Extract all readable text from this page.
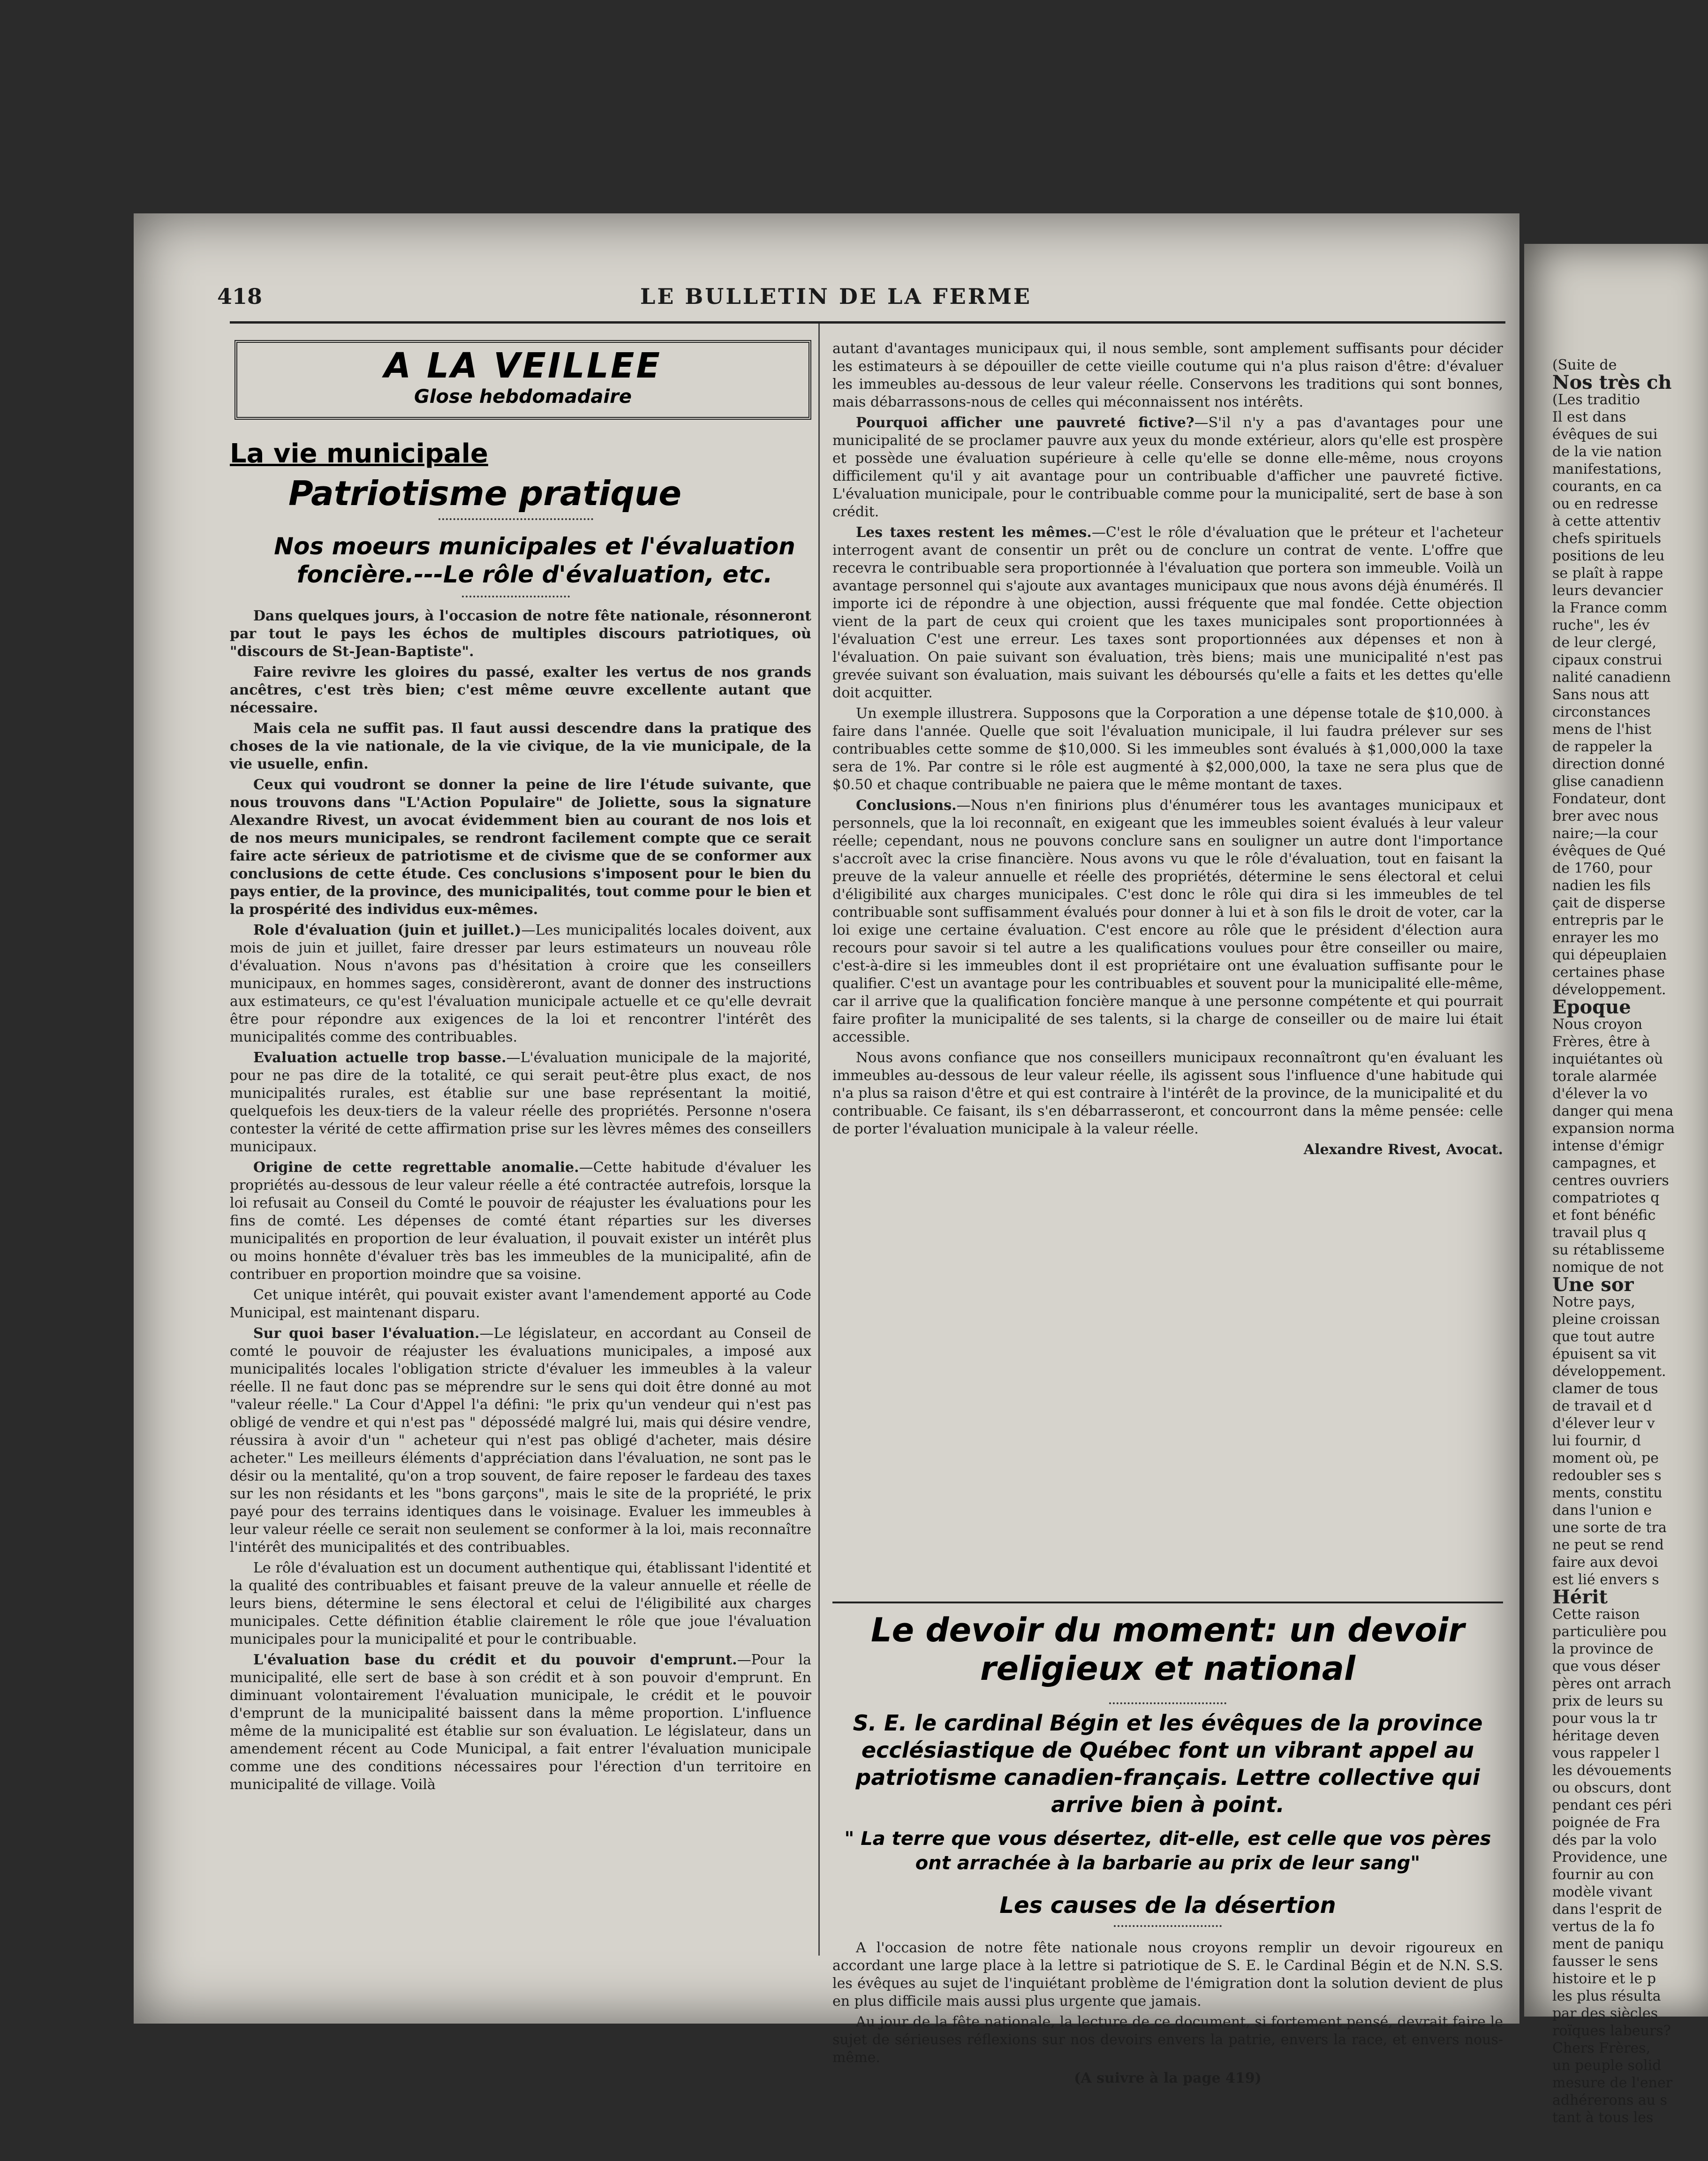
418	LE BULLETIN DE LA FERME
A LA VEILLEE
Glose hebdomadaire
La vie municipale
Patriotisme pratique
Nos moeurs municipales et l'évaluation foncière.---Le rôle d'évaluation, etc.

Dans quelques jours, à l'occasion de notre fête nationale, résonneront par tout le pays les échos de multiples discours patriotiques, où "discours de St-Jean-Baptiste".

Faire revivre les gloires du passé, exalter les vertus de nos grands ancêtres, c'est très bien; c'est même œuvre excellente autant que nécessaire.

Mais cela ne suffit pas. Il faut aussi descendre dans la pratique des choses de la vie nationale, de la vie civique, de la vie municipale, de la vie usuelle, enfin.

Ceux qui voudront se donner la peine de lire l'étude suivante, que nous trouvons dans "L'Action Populaire" de Joliette, sous la signature Alexandre Rivest, un avocat évidemment bien au courant de nos lois et de nos meurs municipales, se rendront facilement compte que ce serait faire acte sérieux de patriotisme et de civisme que de se conformer aux conclusions de cette étude. Ces conclusions s'imposent pour le bien du pays entier, de la province, des municipalités, tout comme pour le bien et la prospérité des individus eux-mêmes.

Role d'évaluation (juin et juillet.)—Les municipalités locales doivent, aux mois de juin et juillet, faire dresser par leurs estimateurs un nouveau rôle d'évaluation. Nous n'avons pas d'hésitation à croire que les conseillers municipaux, en hommes sages, considèreront, avant de donner des instructions aux estimateurs, ce qu'est l'évaluation municipale actuelle et ce qu'elle devrait être pour répondre aux exigences de la loi et rencontrer l'intérêt des municipalités comme des contribuables.

Evaluation actuelle trop basse.—L'évaluation municipale de la majorité, pour ne pas dire de la totalité, ce qui serait peut-être plus exact, de nos municipalités rurales, est établie sur une base représentant la moitié, quelquefois les deux-tiers de la valeur réelle des propriétés. Personne n'osera contester la vérité de cette affirmation prise sur les lèvres mêmes des conseillers municipaux.

Origine de cette regrettable anomalie.—Cette habitude d'évaluer les propriétés au-dessous de leur valeur réelle a été contractée autrefois, lorsque la loi refusait au Conseil du Comté le pouvoir de réajuster les évaluations pour les fins de comté. Les dépenses de comté étant réparties sur les diverses municipalités en proportion de leur évaluation, il pouvait exister un intérêt plus ou moins honnête d'évaluer très bas les immeubles de la municipalité, afin de contribuer en proportion moindre que sa voisine.

Cet unique intérêt, qui pouvait exister avant l'amendement apporté au Code Municipal, est maintenant disparu.

Sur quoi baser l'évaluation.—Le législateur, en accordant au Conseil de comté le pouvoir de réajuster les évaluations municipales, a imposé aux municipalités locales l'obligation stricte d'évaluer les immeubles à la valeur réelle. Il ne faut donc pas se méprendre sur le sens qui doit être donné au mot "valeur réelle." La Cour d'Appel l'a défini: "le prix qu'un vendeur qui n'est pas obligé de vendre et qui n'est pas " dépossédé malgré lui, mais qui désire vendre, réussira à avoir d'un " acheteur qui n'est pas obligé d'acheter, mais désire acheter." Les meilleurs éléments d'appréciation dans l'évaluation, ne sont pas le désir ou la mentalité, qu'on a trop souvent, de faire reposer le fardeau des taxes sur les non résidants et les "bons garçons", mais le site de la propriété, le prix payé pour des terrains identiques dans le voisinage. Evaluer les immeubles à leur valeur réelle ce serait non seulement se conformer à la loi, mais reconnaître l'intérêt des municipalités et des contribuables.

Le rôle d'évaluation est un document authentique qui, établissant l'identité et la qualité des contribuables et faisant preuve de la valeur annuelle et réelle de leurs biens, détermine le sens électoral et celui de l'éligibilité aux charges municipales. Cette définition établie clairement le rôle que joue l'évaluation municipales pour la municipalité et pour le contribuable.

L'évaluation base du crédit et du pouvoir d'emprunt.—Pour la municipalité, elle sert de base à son crédit et à son pouvoir d'emprunt. En diminuant volontairement l'évaluation municipale, le crédit et le pouvoir d'emprunt de la municipalité baissent dans la même proportion. L'influence même de la municipalité est établie sur son évaluation. Le législateur, dans un amendement récent au Code Municipal, a fait entrer l'évaluation municipale comme une des conditions nécessaires pour l'érection d'un territoire en municipalité de village. Voilà

autant d'avantages municipaux qui, il nous semble, sont amplement suffisants pour décider les estimateurs à se dépouiller de cette vieille coutume qui n'a plus raison d'être: d'évaluer les immeubles au-dessous de leur valeur réelle. Conservons les traditions qui sont bonnes, mais débarrassons-nous de celles qui méconnaissent nos intérêts.

Pourquoi afficher une pauvreté fictive?—S'il n'y a pas d'avantages pour une municipalité de se proclamer pauvre aux yeux du monde extérieur, alors qu'elle est prospère et possède une évaluation supérieure à celle qu'elle se donne elle-même, nous croyons difficilement qu'il y ait avantage pour un contribuable d'afficher une pauvreté fictive. L'évaluation municipale, pour le contribuable comme pour la municipalité, sert de base à son crédit.

Les taxes restent les mêmes.—C'est le rôle d'évaluation que le préteur et l'acheteur interrogent avant de consentir un prêt ou de conclure un contrat de vente. L'offre que recevra le contribuable sera proportionnée à l'évaluation que portera son immeuble. Voilà un avantage personnel qui s'ajoute aux avantages municipaux que nous avons déjà énumérés. Il importe ici de répondre à une objection, aussi fréquente que mal fondée. Cette objection vient de la part de ceux qui croient que les taxes municipales sont proportionnées à l'évaluation C'est une erreur. Les taxes sont proportionnées aux dépenses et non à l'évaluation. On paie suivant son évaluation, très biens; mais une municipalité n'est pas grevée suivant son évaluation, mais suivant les déboursés qu'elle a faits et les dettes qu'elle doit acquitter.

Un exemple illustrera. Supposons que la Corporation a une dépense totale de $10,000. à faire dans l'année. Quelle que soit l'évaluation municipale, il lui faudra prélever sur ses contribuables cette somme de $10,000. Si les immeubles sont évalués à $1,000,000 la taxe sera de 1%. Par contre si le rôle est augmenté à $2,000,000, la taxe ne sera plus que de $0.50 et chaque contribuable ne paiera que le même montant de taxes.

Conclusions.—Nous n'en finirions plus d'énumérer tous les avantages municipaux et personnels, que la loi reconnaît, en exigeant que les immeubles soient évalués à leur valeur réelle; cependant, nous ne pouvons conclure sans en souligner un autre dont l'importance s'accroît avec la crise financière. Nous avons vu que le rôle d'évaluation, tout en faisant la preuve de la valeur annuelle et réelle des propriétés, détermine le sens électoral et celui d'éligibilité aux charges municipales. C'est donc le rôle qui dira si les immeubles de tel contribuable sont suffisamment évalués pour donner à lui et à son fils le droit de voter, car la loi exige une certaine évaluation. C'est encore au rôle que le président d'élection aura recours pour savoir si tel autre a les qualifications voulues pour être conseiller ou maire, c'est-à-dire si les immeubles dont il est propriétaire ont une évaluation suffisante pour le qualifier. C'est un avantage pour les contribuables et souvent pour la municipalité elle-même, car il arrive que la qualification foncière manque à une personne compétente et qui pourrait faire profiter la municipalité de ses talents, si la charge de conseiller ou de maire lui était accessible.

Nous avons confiance que nos conseillers municipaux reconnaîtront qu'en évaluant les immeubles au-dessous de leur valeur réelle, ils agissent sous l'influence d'une habitude qui n'a plus sa raison d'être et qui est contraire à l'intérêt de la province, de la municipalité et du contribuable. Ce faisant, ils s'en débarrasseront, et concourront dans la même pensée: celle de porter l'évaluation municipale à la valeur réelle.

Alexandre Rivest, Avocat.

Le devoir du moment: un devoir religieux et national
S. E. le cardinal Bégin et les évêques de la province ecclésiastique de Québec font un vibrant appel au patriotisme canadien-français. Lettre collective qui arrive bien à point.
" La terre que vous désertez, dit-elle, est celle que vos pères ont arrachée à la barbarie au prix de leur sang"
Les causes de la désertion

A l'occasion de notre fête nationale nous croyons remplir un devoir rigoureux en accordant une large place à la lettre si patriotique de S. E. le Cardinal Bégin et de N.N. S.S. les évêques au sujet de l'inquiétant problème de l'émigration dont la solution devient de plus en plus difficile mais aussi plus urgente que jamais.

Au jour de la fête nationale, la lecture de ce document, si fortement pensé, devrait faire le sujet de sérieuses réflexions sur nos devoirs envers la patrie, envers la race, et envers nous-même.

(A suivre à la page 419)

(Suite de
Nos très ch
(Les traditio
Il est dans
évêques de sui
de la vie nation
manifestations,
courants, en ca
ou en redresse
à cette attentiv
chefs spirituels
positions de leu
se plaît à rappe
leurs devancier
la France comm
ruche", les év
de leur clergé,
cipaux construi
nalité canadienn
Sans nous att
circonstances
mens de l'hist
de rappeler la
direction donné
glise canadienn
Fondateur, dont
brer avec nous
naire;—la cour
évêques de Qué
de 1760, pour
nadien les fils
çait de disperse
entrepris par le
enrayer les mo
qui dépeuplaien
certaines phase
développement.
Epoque
Nous croyon
Frères, être à
inquiétantes où
torale alarmée
d'élever la vo
danger qui mena
expansion norma
intense d'émigr
campagnes, et
centres ouvriers
compatriotes q
et font bénéfic
travail plus q
su rétablisseme
nomique de not
Une sor
Notre pays,
pleine croissan
que tout autre
épuisent sa vit
développement.
clamer de tous
de travail et d
d'élever leur v
lui fournir, d
moment où, pe
redoubler ses s
ments, constitu
dans l'union e
une sorte de tra
ne peut se rend
faire aux devoi
est lié envers s
Hérit
Cette raison
particulière pou
la province de
que vous déser
pères ont arrach
prix de leurs su
pour vous la tr
héritage deven
vous rappeler l
les dévouements
ou obscurs, dont
pendant ces péri
poignée de Fra
dés par la volo
Providence, une
fournir au con
modèle vivant
dans l'esprit de
vertus de la fo
ment de paniqu
fausser le sens
histoire et le p
les plus résulta
par des siècles
roïques labeurs?
Chers Frères,
un peuple solid
mesure de l'ener
adhérerons au s
tant à tous les
